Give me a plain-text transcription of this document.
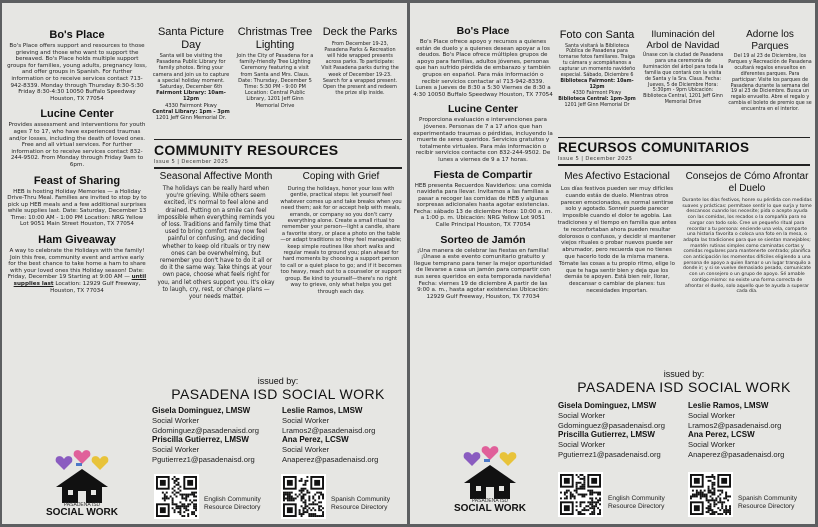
Bo's Place
Bo's Place offers support and resources to those grieving and those who want to support the bereaved. Bo's Place holds multiple support groups for families, young adults, pregnancy loss, and offer groups in Spanish. For further information or to receive services contact 713-942-8339. Monday through Thursday 8:30-5:30 Friday 8:30-4:30 10050 Buffalo Speedway Houston, TX 77054
Lucine Center
Provides assessment and interventions for youth ages 7 to 17, who have experienced traumas and/or losses, including the death of loved ones. Free and all virtual services. For further information or to receive services contact 832-244-9502. From Monday through Friday 9am to 6pm.
Feast of Sharing
HEB is hosting Holiday Memories — a Holiday Drive-Thru Meal. Families are invited to stop by to pick up HEB meals and a few additional surprises while supplies last. Date: Saturday, December 13 Time: 10:00 AM - 1:00 PM Location: NRG Yellow Lot 9051 Main Street Houston, TX 77054
Ham Giveaway
A way to celebrate the Holidays with the family! Join this free, community event and arrive early for the best chance to take home a ham to share with your loved ones this Holiday season! Date: Friday, December 19 Starting at 9:00 AM — until supplies last Location: 12929 Gulf Freeway, Houston, TX 77034
PASADENA ISD
SOCIAL WORK
Santa Picture Day
Santa will be visiting the Pasadena Public Library for family photos. Bring your camera and join us to capture a special holiday moment. Saturday, December 6th
Fairmont Library: 10am-12pm
4330 Fairmont Pkwy
Central Library: 1pm - 3pm
1201 Jeff Ginn Memorial Dr.
Christmas Tree Lighting
Join the City of Pasadena for a family-friendly Tree Lighting Ceremony featuring a visit from Santa and Mrs. Claus. Date: Thursday, December 5 Time: 5:30 PM - 9:00 PM Location: Central Public Library, 1201 Jeff Ginn Memorial Drive
Deck the Parks
From December 19-23, Pasadena Parks & Recreation will hide wrapped presents across parks. To participate: Visit Pasadena parks during the week of December 19-23. Search for a wrapped present. Open the present and redeem the prize slip inside.
COMMUNITY RESOURCES
Issue 5 | December 2025
Seasonal Affective Month
The holidays can be really hard when you're grieving. While others seem excited, it's normal to feel alone and drained. Putting on a smile can feel impossible when everything reminds you of loss. Traditions and family time that used to bring comfort may now feel painful or confusing, and deciding whether to keep old rituals or try new ones can be overwhelming, but remember you don't have to do it all or do it the same way. Take things at your own pace, choose what feels right for you, and let others support you. It's okay to laugh, cry, rest, or change plans — your needs matter.
Coping with Grief
During the holidays, honor your loss with gentle, practical steps: let yourself feel whatever comes up and take breaks when you need them; ask for or accept help with meals, errands, or company so you don't carry everything alone. Create a small ritual to remember your person—light a candle, share a favorite story, or place a photo on the table—or adapt traditions so they feel manageable; keep simple routines like short walks and regular meals to ground you; plan ahead for hard moments by choosing a support person to call or a quiet place to go; and if it becomes too heavy, reach out to a counselor or support group. Be kind to yourself—there's no right way to grieve, only what helps you get through each day.
issued by:
PASADENA ISD SOCIAL WORK
Gisela Dominguez, LMSW
Social Worker
Gdominguez@pasadenaisd.org
Priscilla Gutierrez, LMSW
Social Worker
Pgutierrez1@pasadenaisd.org
Leslie Ramos, LMSW
Social Worker
Lramos2@pasadenaisd.org
Ana Perez, LCSW
Social Worker
Anaperez@pasadenaisd.org
English Community Resource Directory
Spanish Community Resource Directory
Bo's Place
Bo's Place ofrece apoyo y recursos a quienes están de duelo y a quienes desean apoyar a los deudos. Bo's Place ofrece múltiples grupos de apoyo para familias, adultos jóvenes, personas que han sufrido pérdida de embarazo y también grupos en español. Para más información o recibir servicios contactar al 713-942-8339. Lunes a Jueves de 8:30 a 5:30 Viernes de 8:30 a 4:30 10050 Buffalo Speedway Houston, TX 77054
Lucine Center
Proporciona evaluación e intervenciones para jóvenes. Personas de 7 a 17 años que han experimentado traumas o pérdidas, incluyendo la muerte de seres queridos. Servicios gratuitos y totalmente virtuales. Para más información o recibir servicios contacte con 832-244-9502. De lunes a viernes de 9 a 17 horas.
Fiesta de Compartir
HEB presenta Recuerdos Navideños: una comida navideña para llevar. Invitamos a las familias a pasar a recoger las comidas de HEB y algunas sorpresas adicionales hasta agotar existencias. Fecha: sábado 13 de diciembre Hora: 10:00 a. m. a 1:00 p. m. Ubicación: NRG Yellow Lot 9051 Calle Principal Houston, TX 77054
Sorteo de Jamón
¡Una manera de celebrar las fiestas en familia! ¡Únase a este evento comunitario gratuito y llegue temprano para tener la mejor oportunidad de llevarse a casa un jamón para compartir con sus seres queridos en esta temporada navideña! Fecha: viernes 19 de diciembre A partir de las 9:00 a. m., hasta agotar existencias Ubicación: 12929 Gulf Freeway, Houston, TX 77034
PASADENA ISD
SOCIAL WORK
Foto con Santa
Santa visitará la Biblioteca Pública de Pasadena para tomarse fotos familiares. Traiga tu cámara y acompáñanos a capturar un momento navideño especial. Sábado, Diciembre 6
Biblioteca Fairmont: 10am-12pm
4330 Fairmont Pkwy
Biblioteca Central: 1pm-3pm
1201 Jeff Ginn Memorial Dr
Iluminación del Arbol de Navidad
Únase con la ciudad de Pasadena para una ceremonia de iluminación del árbol para toda la familia que contará con la visita de Santa y la Sra. Claus. Fecha: Jueves, 5 de Diciembre Hora: 5:30pm - 9pm Ubicación: Biblioteca Central, 1201 Jeff Ginn Memorial Drive
Adorne los Parques
Del 19 al 23 de Diciembre, los Parques y Recreación de Pasadena ocultará regalos envueltos en diferentes parques. Para participar: Visite los parques de Pasadena durante la semana del 19 al 23 de Diciembre. Busca un regalo envuelto. Abre el regalo y cambia el boleto de premio que se encuentra en el interior.
RECURSOS COMUNITARIOS
Issue 5 | December 2025
Mes Afectivo Estacional
Los días festivos pueden ser muy difíciles cuando estás de duelo. Mientras otros parecen emocionados, es normal sentirse solo y agotado. Sonreír puede parecer imposible cuando el dolor te agobia. Las tradiciones y el tiempo en familia que antes te reconfortaban ahora pueden resultar dolorosos o confusos, y decidir si mantener viejos rituales o probar nuevos puede ser abrumador, pero recuerda que no tienes que hacerlo todo de la misma manera. Tómate las cosas a tu propio ritmo, elige lo que te haga sentir bien y deja que los demás te apoyen. Está bien reír, llorar, descansar o cambiar de planes: tus necesidades importan.
Consejos de Cómo Afrontar el Duelo
Durante los días festivos, honre su pérdida con medidas suaves y prácticas: permítase sentir lo que surja y tome descansos cuando los necesite; pida o acepte ayuda con las comidas, los recados o la compañía para no cargar con todo solo. Cree un pequeño ritual para recordar a tu persona: enciende una vela, comparte una historia favorita o coloca una foto en la mesa, o adapta las tradiciones para que se sientan manejables; mantén rutinas simples como caminatas cortas y comidas regulares para mantenerte centrado; planifica con anticipación los momentos difíciles eligiendo a una persona de apoyo a quien llamar o un lugar tranquilo a donde ir; y si se vuelve demasiado pesado, comunícate con un consejero o un grupo de apoyo. Sé amable contigo mismo: no existe una forma correcta de afrontar el duelo, solo aquello que te ayuda a superar cada día.
issued by:
PASADENA ISD SOCIAL WORK
Gisela Dominguez, LMSW
Social Worker
Gdominguez@pasadenaisd.org
Priscilla Gutierrez, LMSW
Social Worker
Pgutierrez1@pasadenaisd.org
Leslie Ramos, LMSW
Social Worker
Lramos2@pasadenaisd.org
Ana Perez, LCSW
Social Worker
Anaperez@pasadenaisd.org
English Community Resource Directory
Spanish Community Resource Directory
